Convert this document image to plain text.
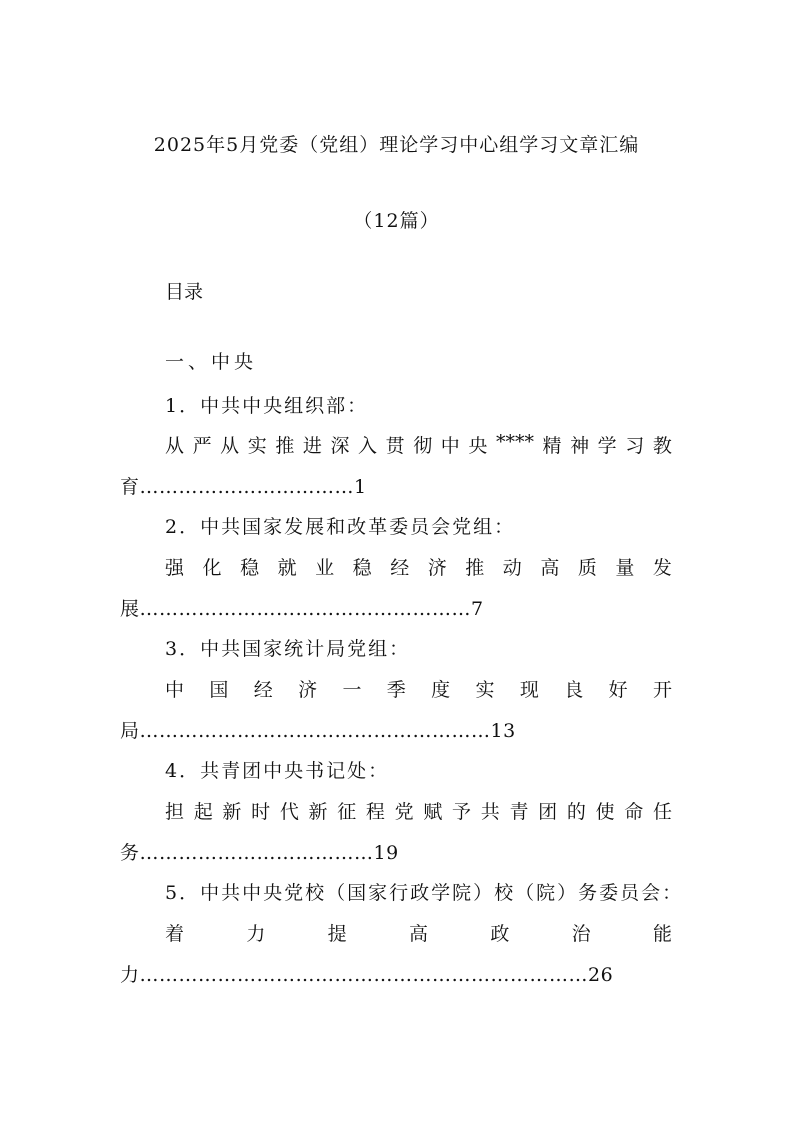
2025年5月党委（党组）理论学习中心组学习文章汇编
（12篇）
目录
一、中央
1．中共中央组织部：
从 严 从 实 推 进 深 入 贯 彻 中 央 **** 精 神 学 习 教
育……………………………1
2．中共国家发展和改革委员会党组：
强 化 稳 就 业 稳 经 济 推 动 高 质 量 发
展……………………………………………7
3．中共国家统计局党组：
中 国 经 济 一 季 度 实 现 良 好 开
局………………………………………………13
4．共青团中央书记处：
担 起 新 时 代 新 征 程 党 赋 予 共 青 团 的 使 命 任
务………………………………19
5．中共中央党校（国家行政学院）校（院）务委员会：
着	力	提	高	政	治	能
力……………………………………………………………26
